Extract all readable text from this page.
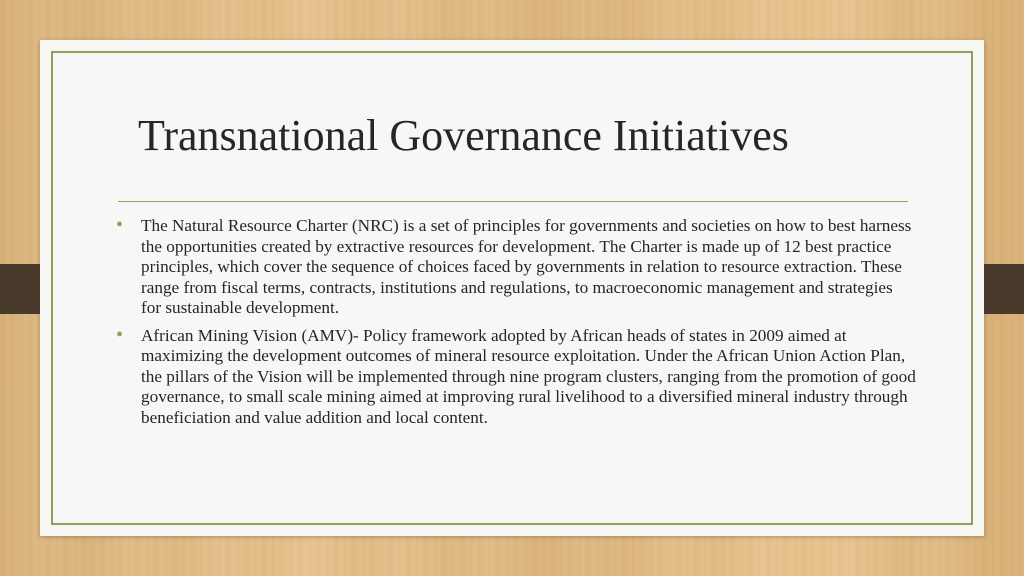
Transnational Governance Initiatives
• The Natural Resource Charter (NRC) is a set of principles for governments and societies on how to best harness the opportunities created by extractive resources for development. The Charter is made up of 12 best practice principles, which cover the sequence of choices faced by governments in relation to resource extraction. These range from fiscal terms, contracts, institutions and regulations, to macroeconomic management and strategies for sustainable development.
• African Mining Vision (AMV)- Policy framework adopted by African heads of states in 2009 aimed at maximizing the development outcomes of mineral resource exploitation. Under the African Union Action Plan, the pillars of the Vision will be implemented through nine program clusters, ranging from the promotion of good governance, to small scale mining aimed at improving rural livelihood to a diversified mineral industry through beneficiation and value addition and local content.
